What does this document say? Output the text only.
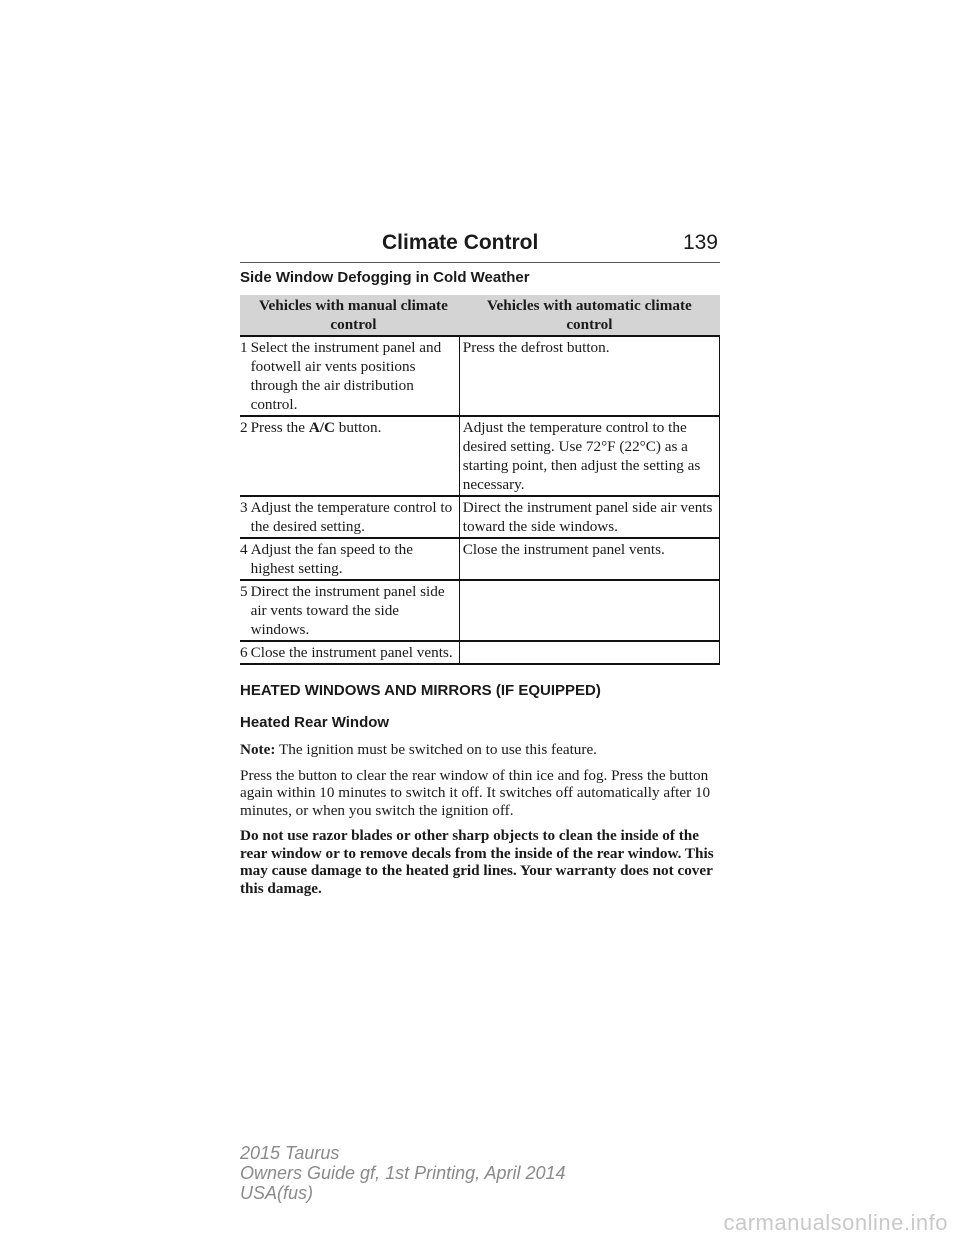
Climate Control	139
Side Window Defogging in Cold Weather
	Vehicles with manual climate control	Vehicles with automatic climate control
1	Select the instrument panel and footwell air vents positions through the air distribution control.	Press the defrost button.
2	Press the A/C button.	Adjust the temperature control to the desired setting. Use 72°F (22°C) as a starting point, then adjust the setting as necessary.
3	Adjust the temperature control to the desired setting.	Direct the instrument panel side air vents toward the side windows.
4	Adjust the fan speed to the highest setting.	Close the instrument panel vents.
5	Direct the instrument panel side air vents toward the side windows.	
6	Close the instrument panel vents.	
HEATED WINDOWS AND MIRRORS (IF EQUIPPED)
Heated Rear Window

Note: The ignition must be switched on to use this feature.

Press the button to clear the rear window of thin ice and fog. Press the button again within 10 minutes to switch it off. It switches off automatically after 10 minutes, or when you switch the ignition off.

Do not use razor blades or other sharp objects to clean the inside of the rear window or to remove decals from the inside of the rear window. This may cause damage to the heated grid lines. Your warranty does not cover this damage.

2015 Taurus
Owners Guide gf, 1st Printing, April 2014
USA(fus)
carmanualsonline.info
